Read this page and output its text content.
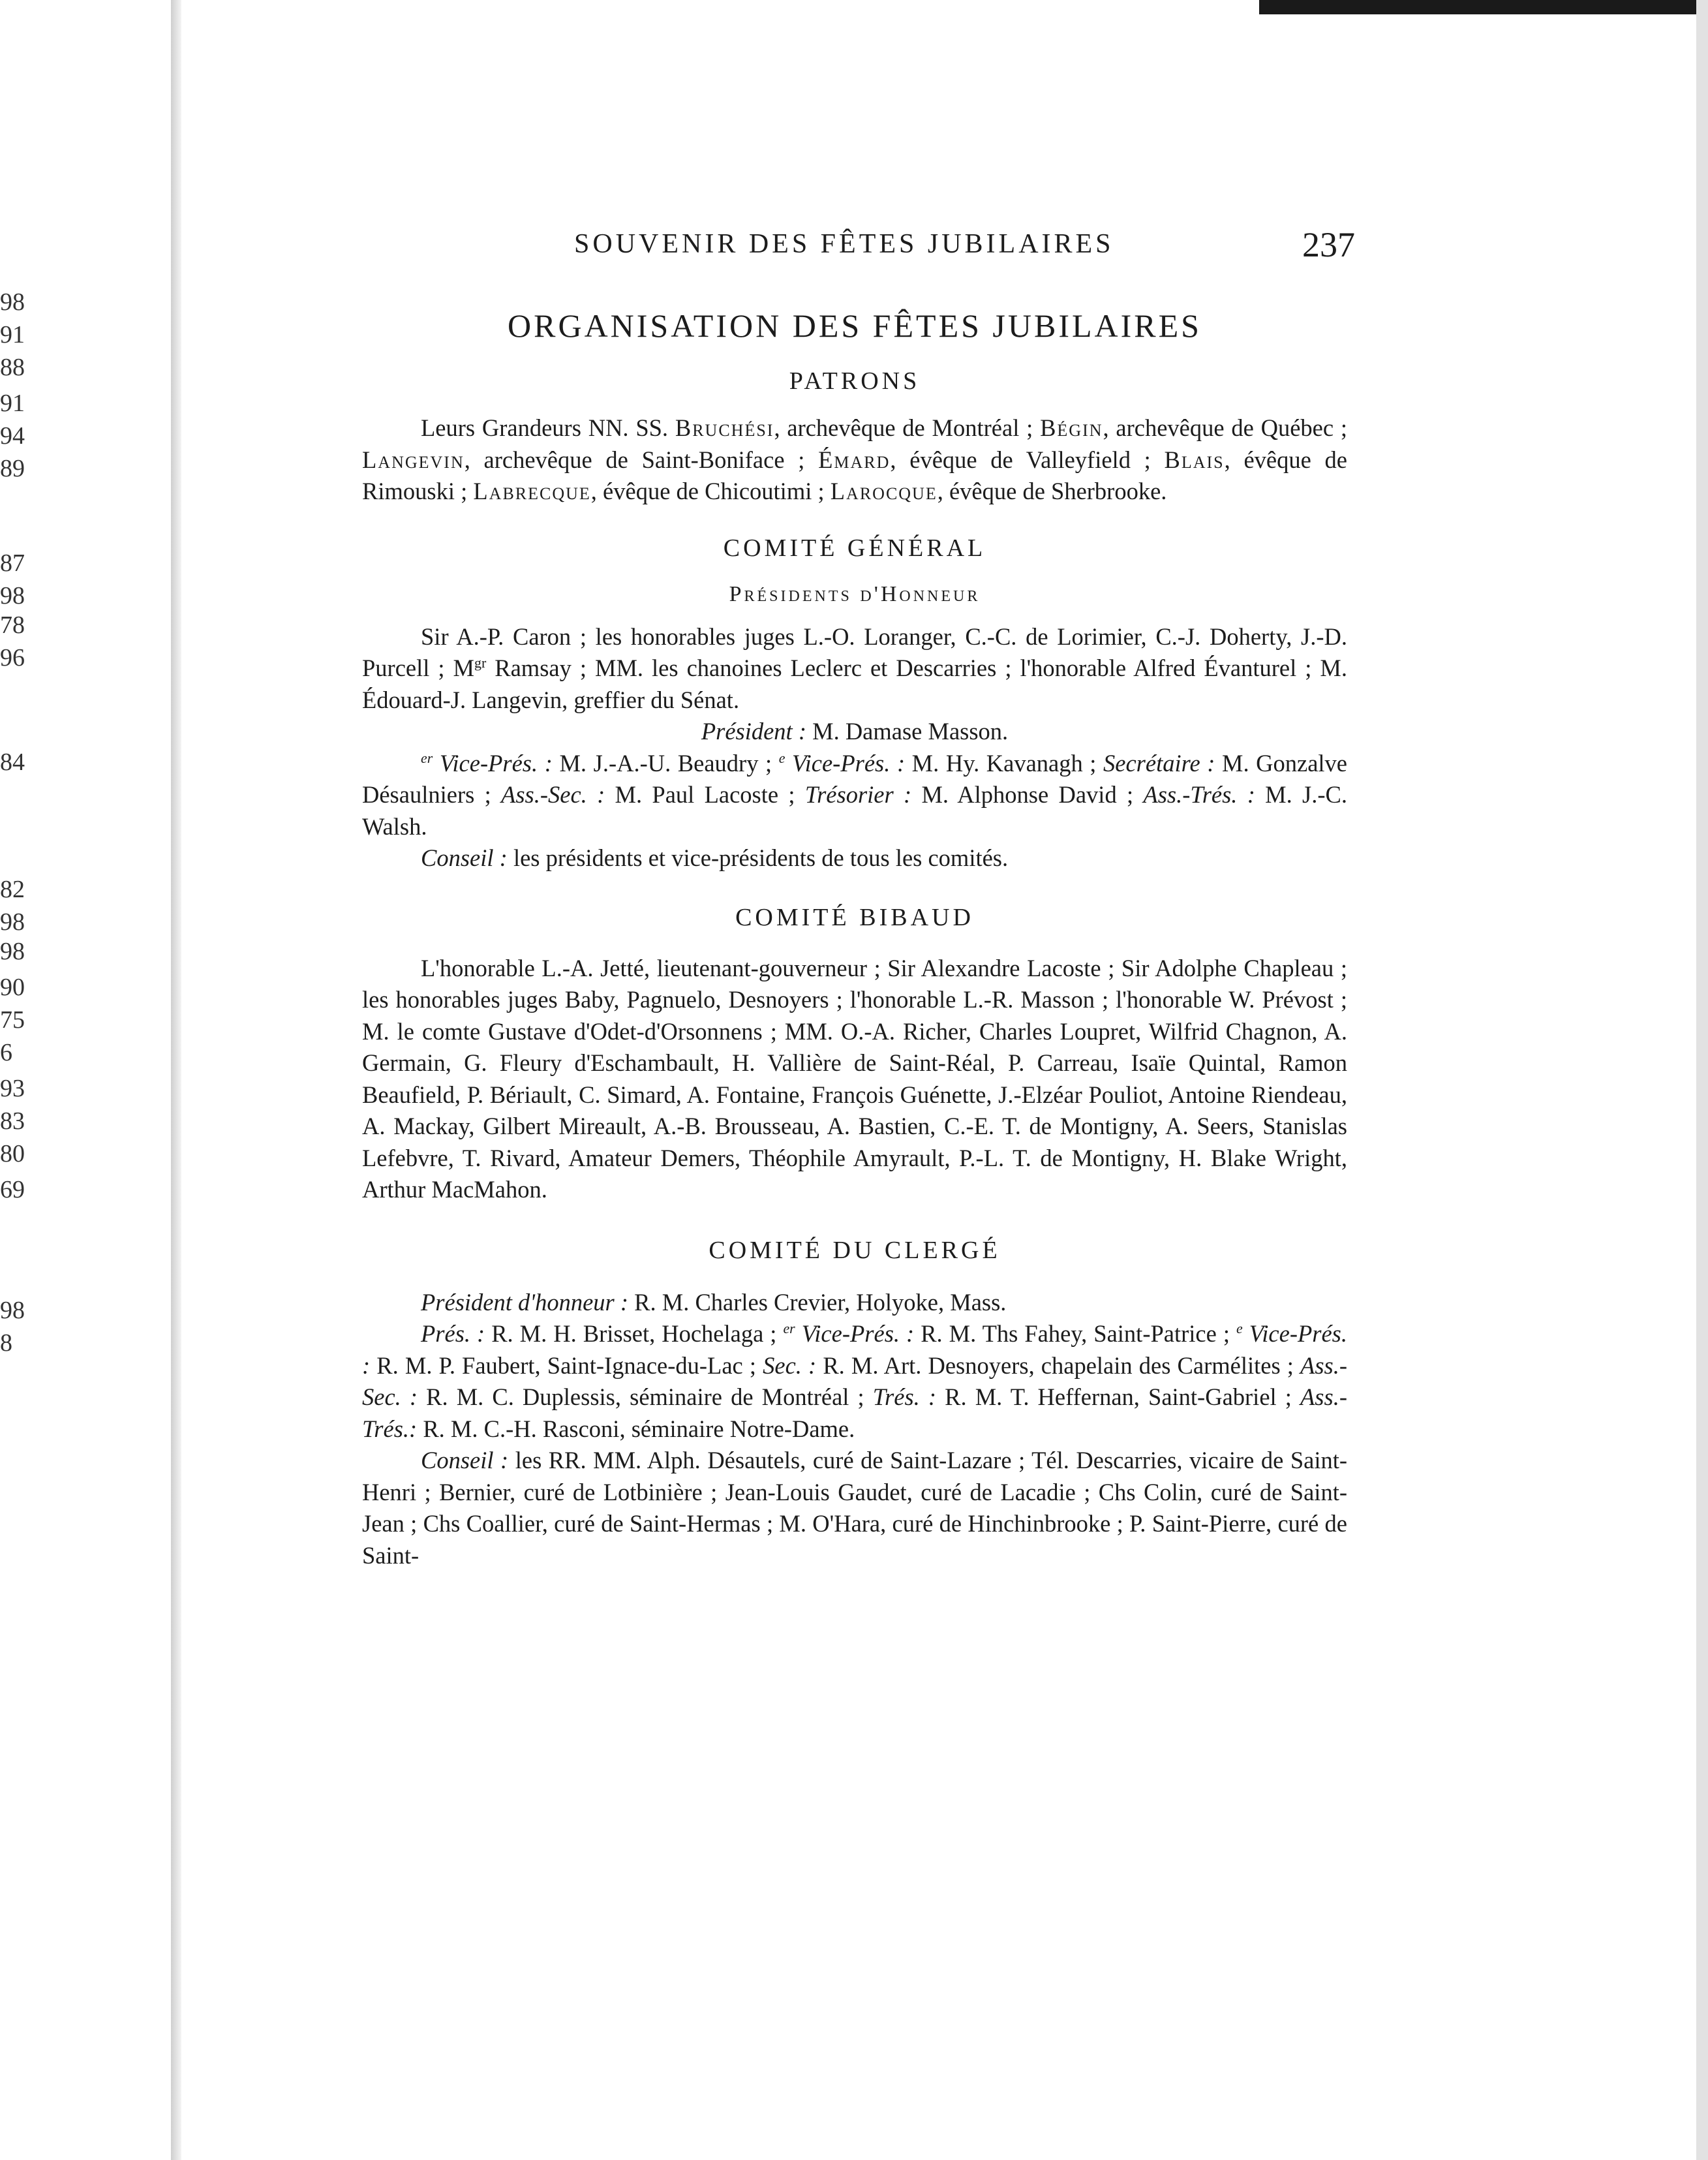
98
91
88
91
94
89
87
98
78
96
84
82
98
98
90
75
6
93
83
80
69
98
8
SOUVENIR DES FÊTES JUBILAIRES	237
ORGANISATION DES FÊTES JUBILAIRES
PATRONS

Leurs Grandeurs NN. SS. Bruchési, archevêque de Montréal ; Bégin, archevêque de Québec ; Langevin, archevêque de Saint-Boniface ; Émard, évêque de Valleyfield ; Blais, évêque de Rimouski ; Labrecque, évêque de Chicoutimi ; Larocque, évêque de Sherbrooke.

COMITÉ GÉNÉRAL
Présidents d'Honneur

Sir A.-P. Caron ; les honorables juges L.-O. Loranger, C.-C. de Lorimier, C.-J. Doherty, J.-D. Purcell ; $M^{gr}$ Ramsay ; MM. les chanoines Leclerc et Descarries ; l'honorable Alfred Évanturel ; M. Édouard-J. Langevin, greffier du Sénat.

Président : M. Damase Masson.

$^{er}$ Vice-Prés. : M. J.-A.-U. Beaudry ; $^e$ Vice-Prés. : M. Hy. Kavanagh ; Secrétaire : M. Gonzalve Désaulniers ; Ass.-Sec. : M. Paul Lacoste ; Trésorier : M. Alphonse David ; Ass.-Trés. : M. J.-C. Walsh.

Conseil : les présidents et vice-présidents de tous les comités.

COMITÉ BIBAUD

L'honorable L.-A. Jetté, lieutenant-gouverneur ; Sir Alexandre Lacoste ; Sir Adolphe Chapleau ; les honorables juges Baby, Pagnuelo, Desnoyers ; l'honorable L.-R. Masson ; l'honorable W. Prévost ; M. le comte Gustave d'Odet-d'Orsonnens ; MM. O.-A. Richer, Charles Loupret, Wilfrid Chagnon, A. Germain, G. Fleury d'Eschambault, H. Vallière de Saint-Réal, P. Carreau, Isaïe Quintal, Ramon Beaufield, P. Bériault, C. Simard, A. Fontaine, François Guénette, J.-Elzéar Pouliot, Antoine Riendeau, A. Mackay, Gilbert Mireault, A.-B. Brousseau, A. Bastien, C.-E. T. de Montigny, A. Seers, Stanislas Lefebvre, T. Rivard, Amateur Demers, Théophile Amyrault, P.-L. T. de Montigny, H. Blake Wright, Arthur MacMahon.

COMITÉ DU CLERGÉ

Président d'honneur : R. M. Charles Crevier, Holyoke, Mass.

Prés. : R. M. H. Brisset, Hochelaga ; $^{er}$ Vice-Prés. : R. M. Ths Fahey, Saint-Patrice ; $^e$ Vice-Prés. : R. M. P. Faubert, Saint-Ignace-du-Lac ; Sec. : R. M. Art. Desnoyers, chapelain des Carmélites ; Ass.-Sec. : R. M. C. Duplessis, séminaire de Montréal ; Trés. : R. M. T. Heffernan, Saint-Gabriel ; Ass.-Trés.: R. M. C.-H. Rasconi, séminaire Notre-Dame.

Conseil : les RR. MM. Alph. Désautels, curé de Saint-Lazare ; Tél. Descarries, vicaire de Saint-Henri ; Bernier, curé de Lotbinière ; Jean-Louis Gaudet, curé de Lacadie ; Chs Colin, curé de Saint-Jean ; Chs Coallier, curé de Saint-Hermas ; M. O'Hara, curé de Hinchinbrooke ; P. Saint-Pierre, curé de Saint-
